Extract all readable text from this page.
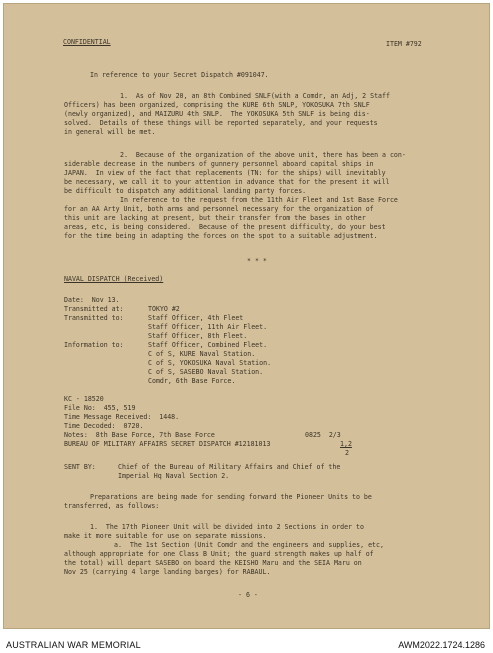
CONFIDENTIAL	ITEM #792
In reference to your Secret Dispatch #091047.
1.  As of Nov 20, an 8th Combined SNLF(with a Comdr, an Adj, 2 Staff
Officers) has been organized, comprising the KURE 6th SNLP, YOKOSUKA 7th SNLF
(newly organized), and MAIZURU 4th SNLP.  The YOKOSUKA 5th SNLF is being dis-
solved.  Details of these things will be reported separately, and your requests
in general will be met.
2.  Because of the organization of the above unit, there has been a con-
siderable decrease in the numbers of gunnery personnel aboard capital ships in
JAPAN.  In view of the fact that replacements (TN: for the ships) will inevitably
be necessary, we call it to your attention in advance that for the present it will
be difficult to dispatch any additional landing party forces.
In reference to the request from the 11th Air Fleet and 1st Base Force
for an AA Arty Unit, both arms and personnel necessary for the organization of
this unit are lacking at present, but their transfer from the bases in other
areas, etc, is being considered.  Because of the present difficulty, do your best
for the time being in adapting the forces on the spot to a suitable adjustment.
* * *
NAVAL DISPATCH (Received)
Date:  Nov 13.
Transmitted at:	TOKYO #2
Transmitted to:	Staff Officer, 4th Fleet
Staff Officer, 11th Air Fleet.
Staff Officer, 8th Fleet.
Information to:	Staff Officer, Combined Fleet.
C of S, KURE Naval Station.
C of S, YOKOSUKA Naval Station.
C of S, SASEBO Naval Station.
Comdr, 6th Base Force.
KC - 18520
File No:  455, 519
Time Message Received:  1448.
Time Decoded:  0720.
Notes:  8th Base Force, 7th Base Force	0825  2/3
BUREAU OF MILITARY AFFAIRS SECRET DISPATCH #12181013	1,2
2
SENT BY:	Chief of the Bureau of Military Affairs and Chief of the
Imperial Hq Naval Section 2.
Preparations are being made for sending forward the Pioneer Units to be
transferred, as follows:
1.  The 17th Pioneer Unit will be divided into 2 Sections in order to
make it more suitable for use on separate missions.
a.  The 1st Section (Unit Comdr and the engineers and supplies, etc,
although appropriate for one Class B Unit; the guard strength makes up half of
the total) will depart SASEBO on board the KEISHO Maru and the SEIA Maru on
Nov 25 (carrying 4 large landing barges) for RABAUL.
- 6 -
AUSTRALIAN WAR MEMORIAL	AWM2022.1724.1286
